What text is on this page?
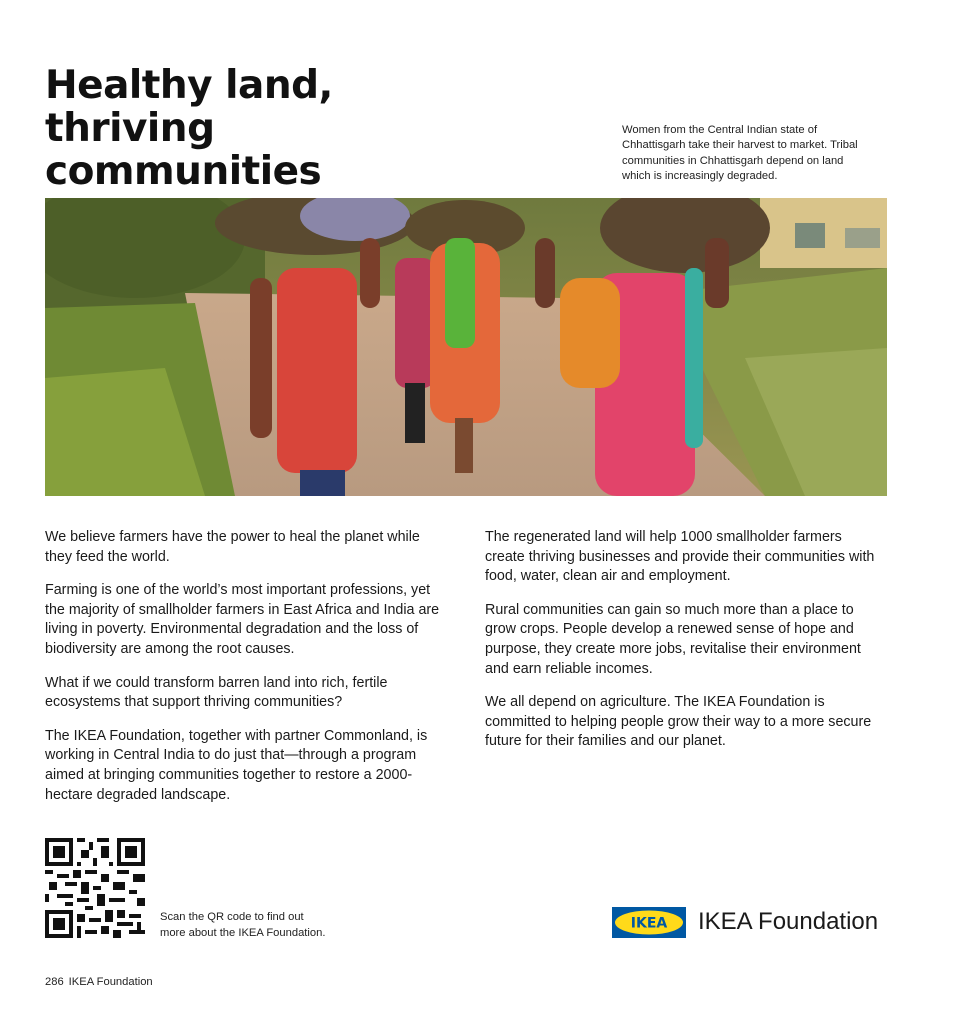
Healthy land, thriving
communities
Women from the Central Indian state of Chhattisgarh take their harvest to market. Tribal communities in Chhattisgarh depend on land which is increasingly degraded.

We believe farmers have the power to heal the planet while they feed the world.

Farming is one of the world’s most important professions, yet the majority of smallholder farmers in East Africa and India are living in poverty. Environmental degradation and the loss of biodiversity are among the root causes.

What if we could transform barren land into rich, fertile ecosystems that support thriving communities?

The IKEA Foundation, together with partner Commonland, is working in Central India to do just that—through a program aimed at bringing communities together to restore a 2000-hectare degraded landscape.

The regenerated land will help 1000 smallholder farmers create thriving businesses and provide their communities with food, water, clean air and employment.

Rural communities can gain so much more than a place to grow crops. People develop a renewed sense of hope and purpose, they create more jobs, revitalise their environment and earn reliable incomes.

We all depend on agriculture. The IKEA Foundation is committed to helping people grow their way to a more secure future for their families and our planet.

Scan the QR code to find out
more about the IKEA Foundation.
IKEA IKEA Foundation
286 IKEA Foundation
